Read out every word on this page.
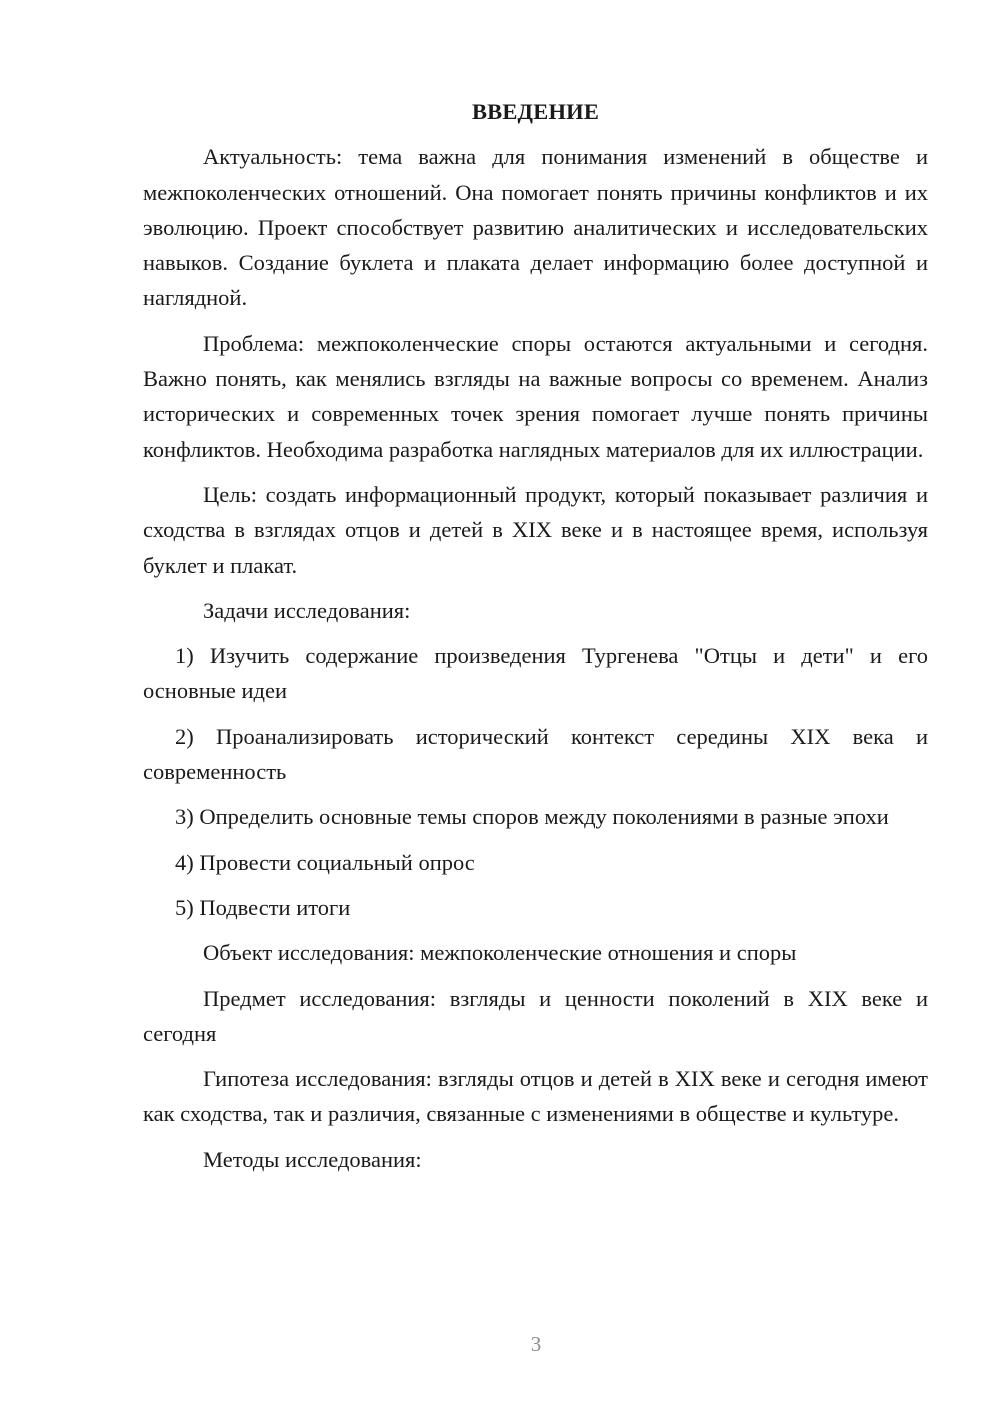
ВВЕДЕНИЕ

Актуальность: тема важна для понимания изменений в обществе и межпоколенческих отношений. Она помогает понять причины конфликтов и их эволюцию. Проект способствует развитию аналитических и исследовательских навыков. Создание буклета и плаката делает информацию более доступной и наглядной.

Проблема: межпоколенческие споры остаются актуальными и сегодня. Важно понять, как менялись взгляды на важные вопросы со временем. Анализ исторических и современных точек зрения помогает лучше понять причины конфликтов. Необходима разработка наглядных материалов для их иллюстрации.

Цель: создать информационный продукт, который показывает различия и сходства в взглядах отцов и детей в XIX веке и в настоящее время, используя буклет и плакат.

Задачи исследования:

1) Изучить содержание произведения Тургенева "Отцы и дети" и его основные идеи

2) Проанализировать исторический контекст середины XIX века и современность

3) Определить основные темы споров между поколениями в разные эпохи

4) Провести социальный опрос

5) Подвести итоги

Объект исследования: межпоколенческие отношения и споры

Предмет исследования: взгляды и ценности поколений в XIX веке и сегодня

Гипотеза исследования: взгляды отцов и детей в XIX веке и сегодня имеют как сходства, так и различия, связанные с изменениями в обществе и культуре.

Методы исследования:

3
